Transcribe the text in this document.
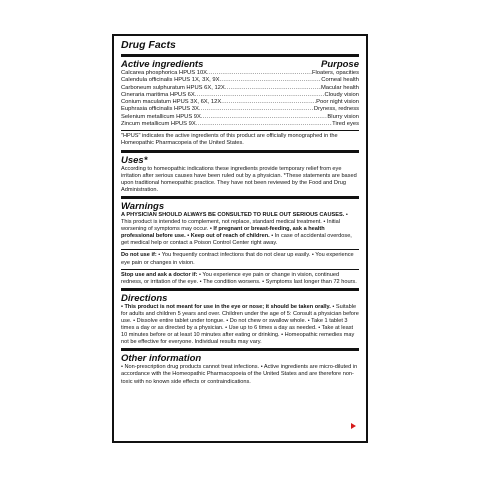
Drug Facts
Active ingredients	Purpose
Calcarea phosphorica HPUS 10X .....	Floaters, opacities
Calendula officinalis HPUS 1X, 3X, 9X .....	Corneal health
Carboneum sulphuratum HPUS 6X, 12X .....	Macular health
Cineraria maritima HPUS 6X .....	Cloudy vision
Conium maculatum HPUS 3X, 6X, 12X .....	Poor night vision
Euphrasia officinalis HPUS 3X .....	Dryness, redness
Selenium metallicum HPUS 9X .....	Blurry vision
Zincum metallicum HPUS 9X .....	Tired eyes

"HPUS" indicates the active ingredients of this product are officially monographed in the Homeopathic Pharmacopeia of the United States.

Uses*

According to homeopathic indications these ingredients provide temporary relief from eye irritation after serious causes have been ruled out by a physician. *These statements are based upon traditional homeopathic practice. They have not been reviewed by the Food and Drug Administration.

Warnings

A PHYSICIAN SHOULD ALWAYS BE CONSULTED TO RULE OUT SERIOUS CAUSES. • This product is intended to complement, not replace, standard medical treatment. • Initial worsening of symptoms may occur. • If pregnant or breast-feeding, ask a health professional before use. • Keep out of reach of children. • In case of accidental overdose, get medical help or contact a Poison Control Center right away.

Do not use if: • You frequently contract infections that do not clear up easily. • You experience eye pain or changes in vision.

Stop use and ask a doctor if: • You experience eye pain or change in vision, continued redness, or irritation of the eye. • The condition worsens. • Symptoms last longer than 72 hours.

Directions

• This product is not meant for use in the eye or nose; it should be taken orally. • Suitable for adults and children 5 years and over. Children under the age of 5: Consult a physician before use. • Dissolve entire tablet under tongue. • Do not chew or swallow whole. • Take 1 tablet 3 times a day or as directed by a physician. • Use up to 6 times a day as needed. • Take at least 10 minutes before or at least 10 minutes after eating or drinking. • Homeopathic remedies may not be effective for everyone. Individual results may vary.

Other information

• Non-prescription drug products cannot treat infections. • Active ingredients are micro-diluted in accordance with the Homeopathic Pharmacopoeia of the United States and are therefore non-toxic with no known side effects or contraindications.
